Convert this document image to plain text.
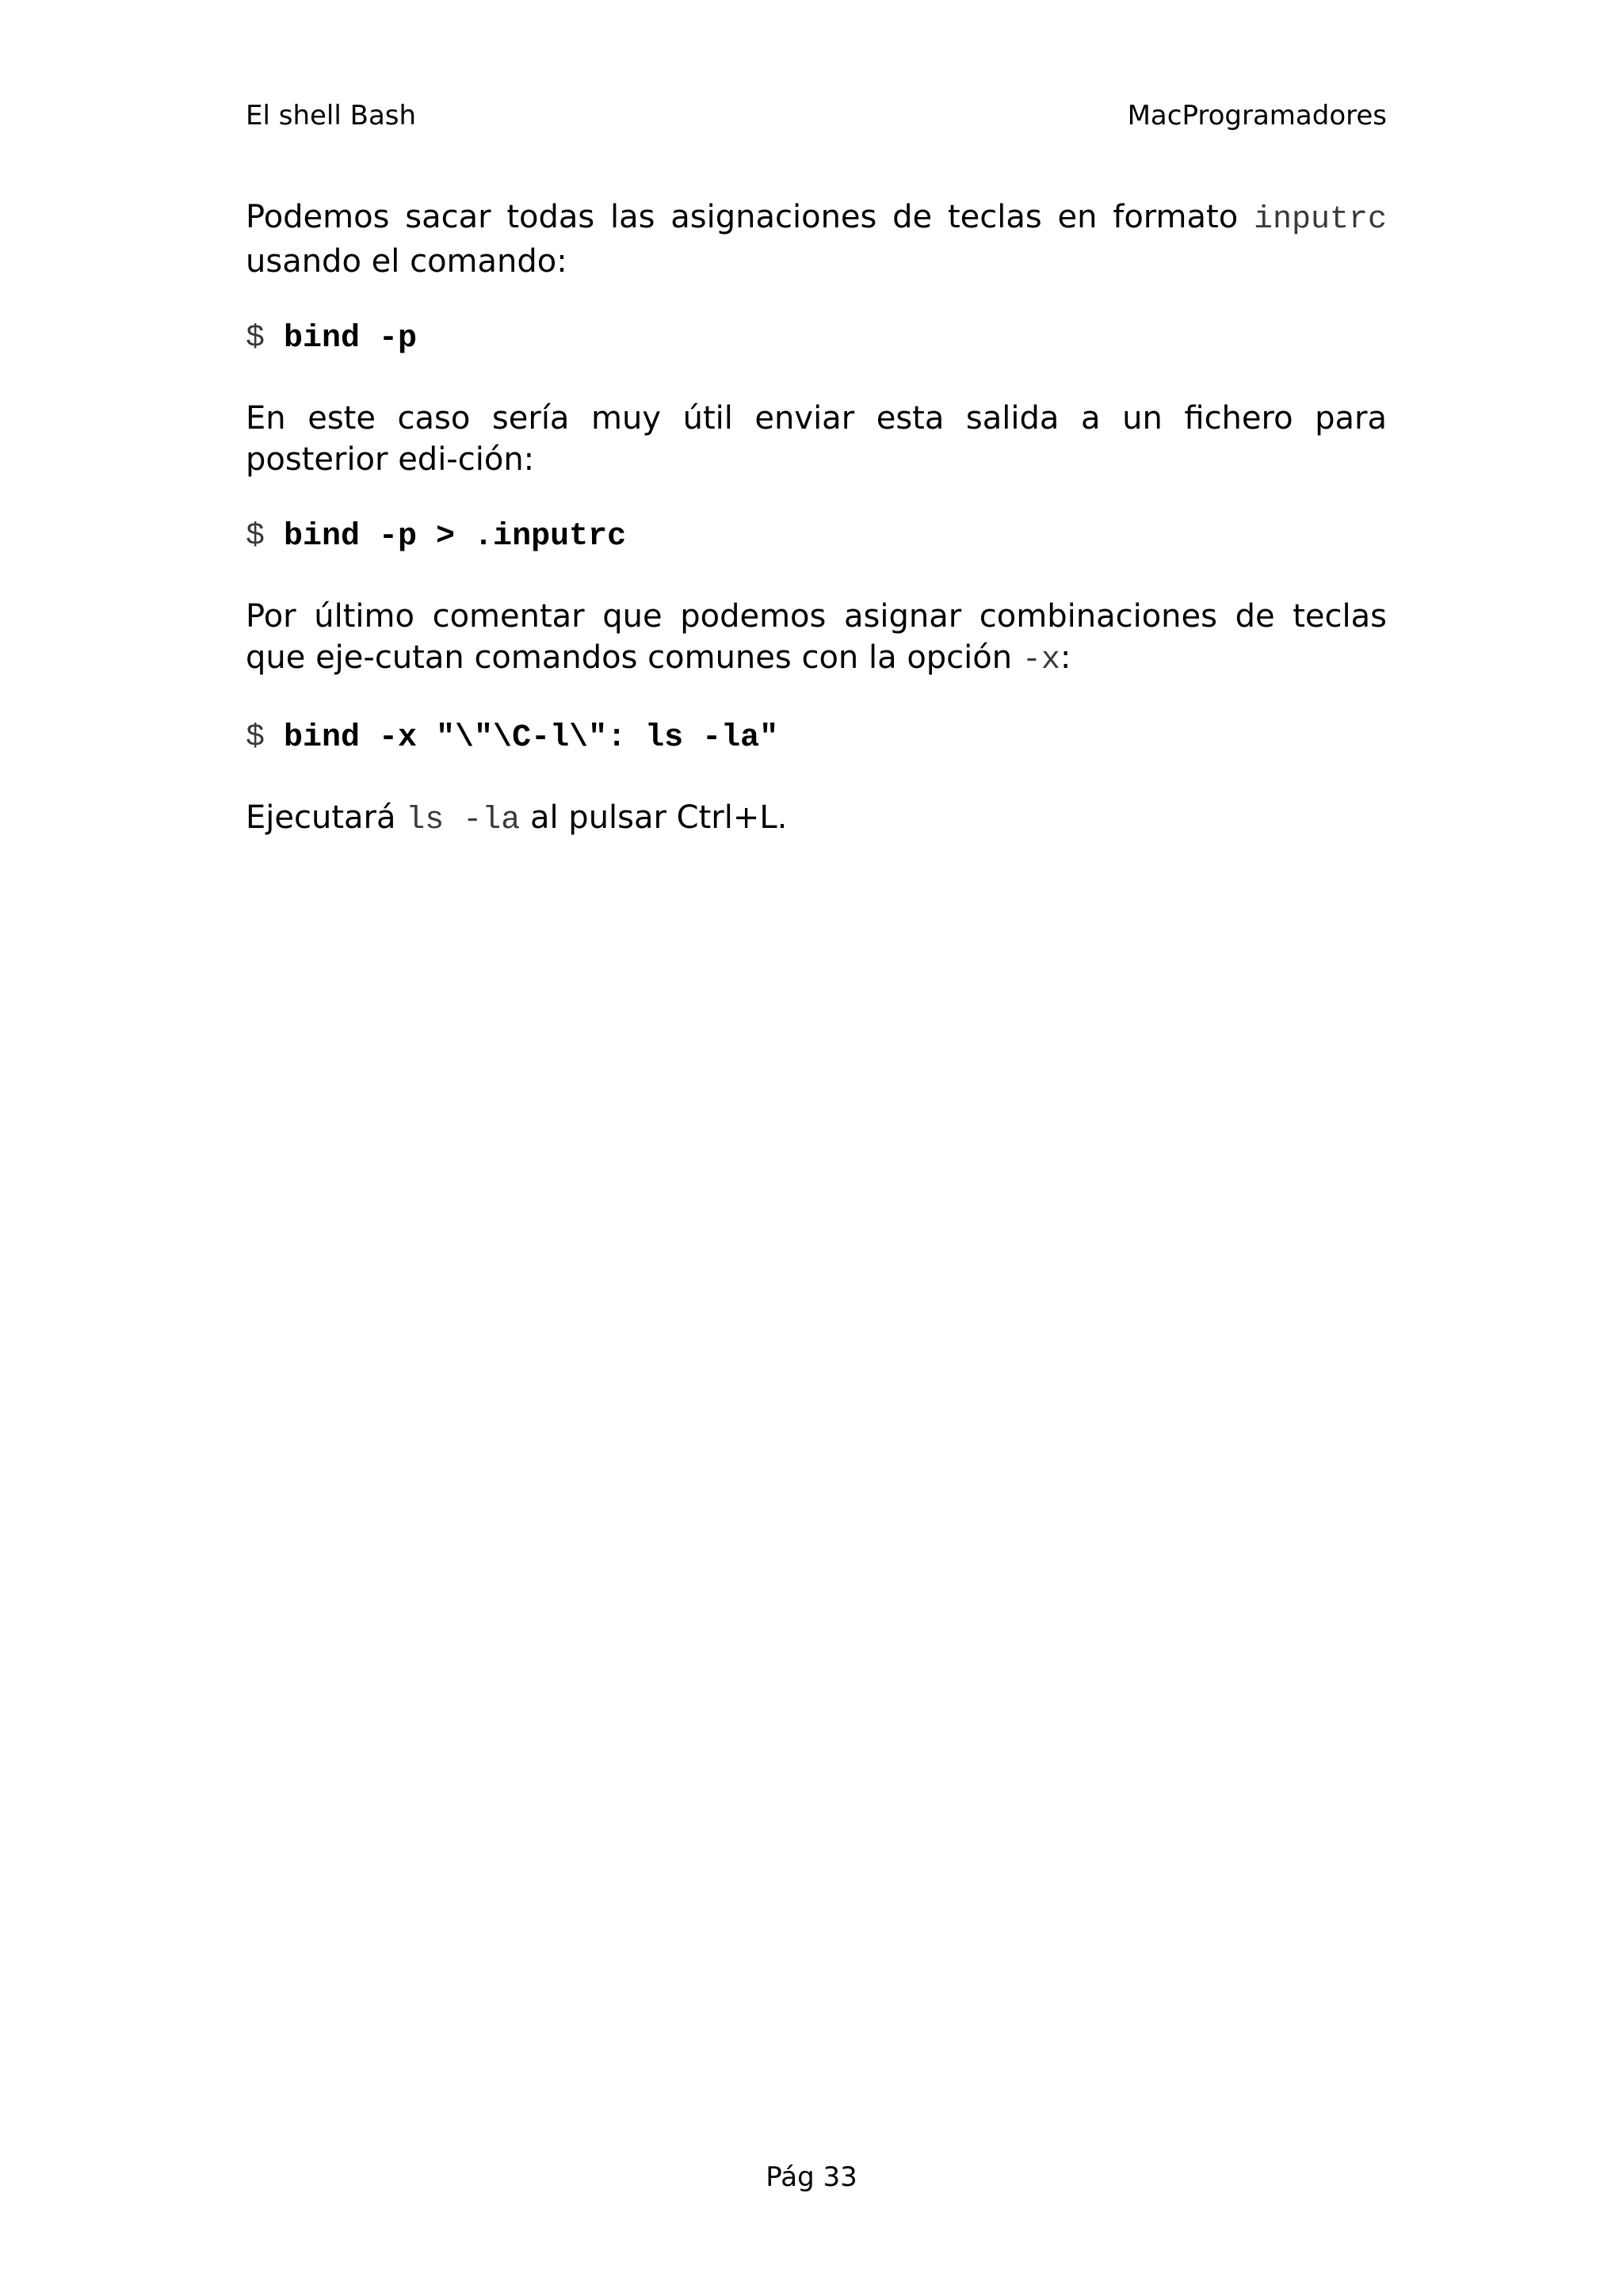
El shell Bash	MacProgramadores

Podemos sacar todas las asignaciones de teclas en formato inputrc usando el comando:

$ bind -p

En este caso sería muy útil enviar esta salida a un fichero para posterior edi-ción:

$ bind -p > .inputrc

Por último comentar que podemos asignar combinaciones de teclas que eje-cutan comandos comunes con la opción -x:

$ bind -x "\"\C-l\": ls -la"

Ejecutará ls -la al pulsar Ctrl+L.

Pág 33
